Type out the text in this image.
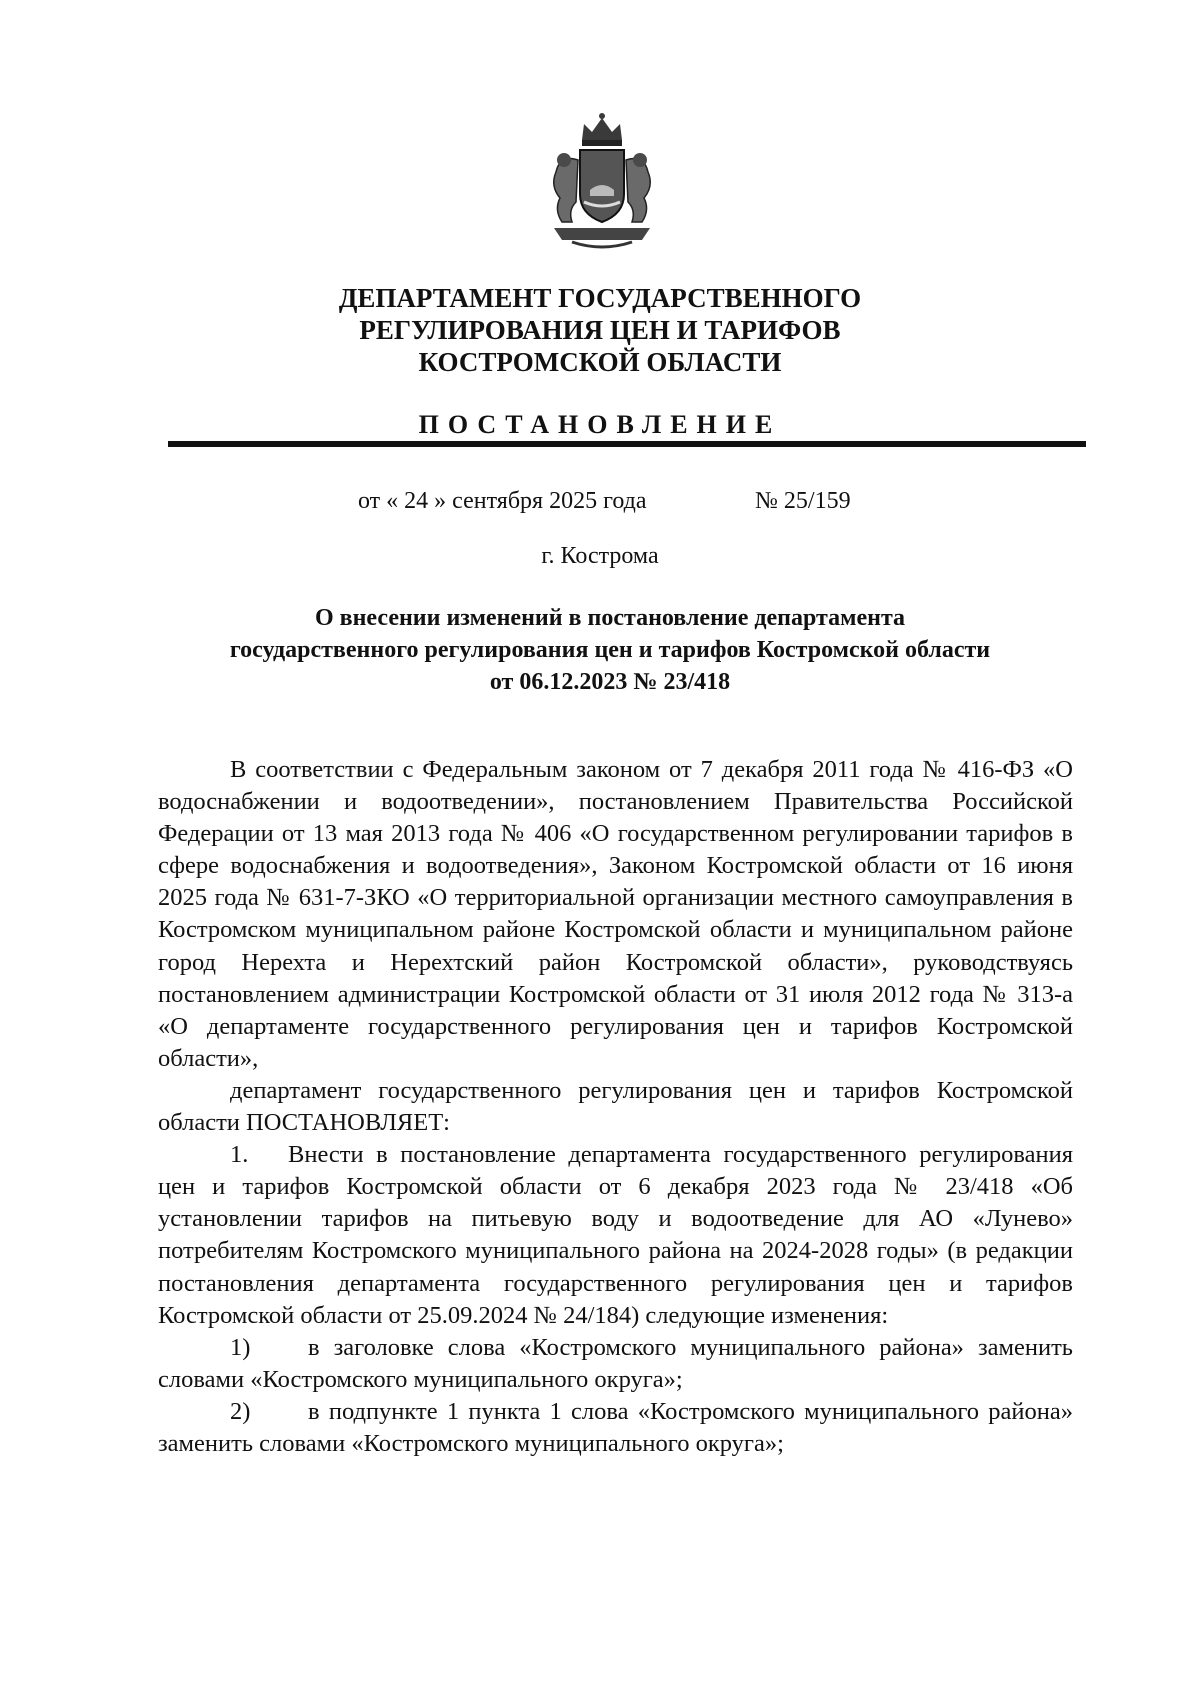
ДЕПАРТАМЕНТ ГОСУДАРСТВЕННОГО
РЕГУЛИРОВАНИЯ ЦЕН И ТАРИФОВ
КОСТРОМСКОЙ ОБЛАСТИ
ПОСТАНОВЛЕНИЕ
от « 24 » сентября 2025 года	№ 25/159
г. Кострома
О внесении изменений в постановление департамента
государственного регулирования цен и тарифов Костромской области
от 06.12.2023 № 23/418

В соответствии с Федеральным законом от 7 декабря 2011 года № 416-ФЗ «О водоснабжении и водоотведении», постановлением Правительства Российской Федерации от 13 мая 2013 года № 406 «О государственном регулировании тарифов в сфере водоснабжения и водоотведения», Законом Костромской области от 16 июня 2025 года № 631-7-ЗКО «О территориальной организации местного самоуправления в Костромском муниципальном районе Костромской области и муниципальном районе город Нерехта и Нерехтский район Костромской области», руководствуясь постановлением администрации Костромской области от 31 июля 2012 года № 313-а «О департаменте государственного регулирования цен и тарифов Костромской области»,

департамент государственного регулирования цен и тарифов Костромской области ПОСТАНОВЛЯЕТ:

1. Внести в постановление департамента государственного регулирования цен и тарифов Костромской области от 6 декабря 2023 года № 23/418 «Об установлении тарифов на питьевую воду и водоотведение для АО «Лунево» потребителям Костромского муниципального района на 2024-2028 годы» (в редакции постановления департамента государственного регулирования цен и тарифов Костромской области от 25.09.2024 № 24/184) следующие изменения:

1) в заголовке слова «Костромского муниципального района» заменить словами «Костромского муниципального округа»;

2) в подпункте 1 пункта 1 слова «Костромского муниципального района» заменить словами «Костромского муниципального округа»;
